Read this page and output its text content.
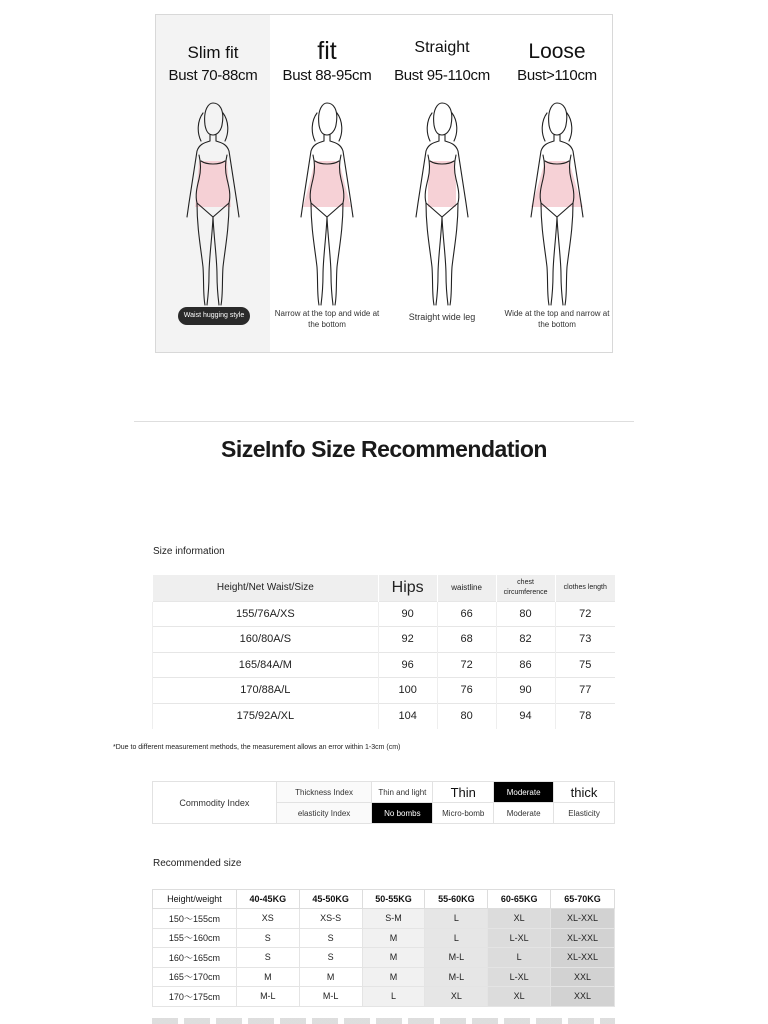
Slim fit
Bust 70-88cm
Waist hugging style
fit
Bust 88-95cm
Narrow at the top and wide at the bottom
Straight
Bust 95-110cm
Straight wide leg
Loose
Bust>110cm
Wide at the top and narrow at the bottom
SizeInfo Size Recommendation
Size information
Height/Net Waist/Size	Hips	waistline	chest circumference	clothes length
155/76A/XS	90	66	80	72
160/80A/S	92	68	82	73
165/84A/M	96	72	86	75
170/88A/L	100	76	90	77
175/92A/XL	104	80	94	78
*Due to different measurement methods, the measurement allows an error within 1-3cm (cm)
Commodity Index	Thickness Index	Thin and light	Thin	Moderate	thick
	elasticity Index	No bombs	Micro-bomb	Moderate	Elasticity
Recommended size
Height/weight	40-45KG	45-50KG	50-55KG	55-60KG	60-65KG	65-70KG
150～155cm	XS	XS-S	S-M	L	XL	XL-XXL
155～160cm	S	S	M	L	L-XL	XL-XXL
160～165cm	S	S	M	M-L	L	XL-XXL
165～170cm	M	M	M	M-L	L-XL	XXL
170～175cm	M-L	M-L	L	XL	XL	XXL
